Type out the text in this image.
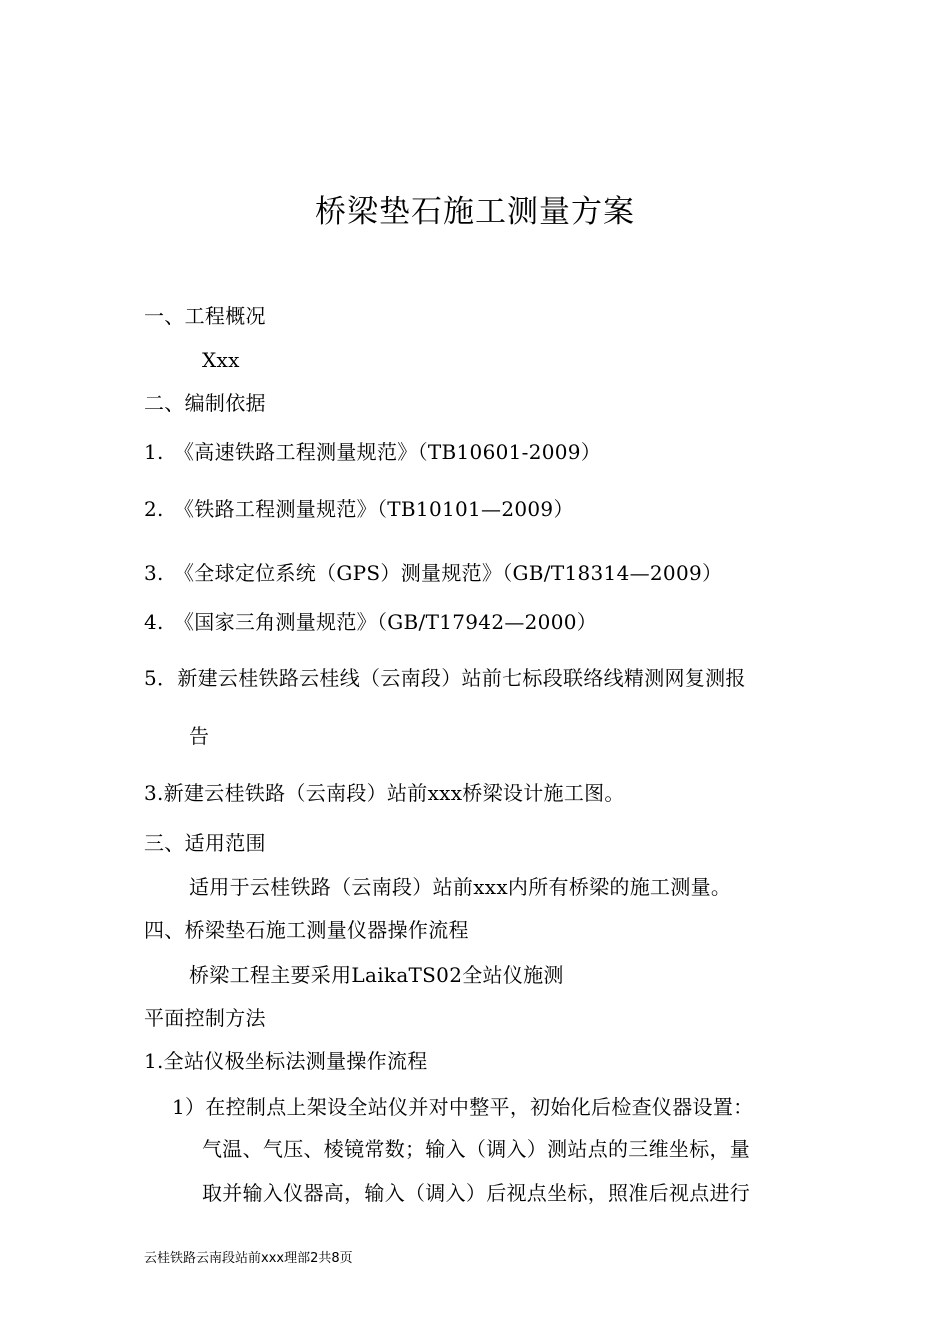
桥梁垫石施工测量方案
一、工程概况
Xxx
二、编制依据
1.　《高速铁路工程测量规范》（TB10601-2009）
2.　《铁路工程测量规范》（TB10101—2009）
3.　《全球定位系统（GPS）测量规范》（GB/T18314—2009）
4.　《国家三角测量规范》（GB/T17942—2000）
5．新建云桂铁路云桂线（云南段）站前七标段联络线精测网复测报
告
3.新建云桂铁路（云南段）站前xxx桥梁设计施工图。
三、适用范围
适用于云桂铁路（云南段）站前xxx内所有桥梁的施工测量。
四、桥梁垫石施工测量仪器操作流程
桥梁工程主要采用LaikaTS02全站仪施测
平面控制方法
1.全站仪极坐标法测量操作流程
1）在控制点上架设全站仪并对中整平，初始化后检查仪器设置：
气温、气压、棱镜常数；输入（调入）测站点的三维坐标，量
取并输入仪器高，输入（调入）后视点坐标，照准后视点进行
云桂铁路云南段站前xxx理部2共8页
